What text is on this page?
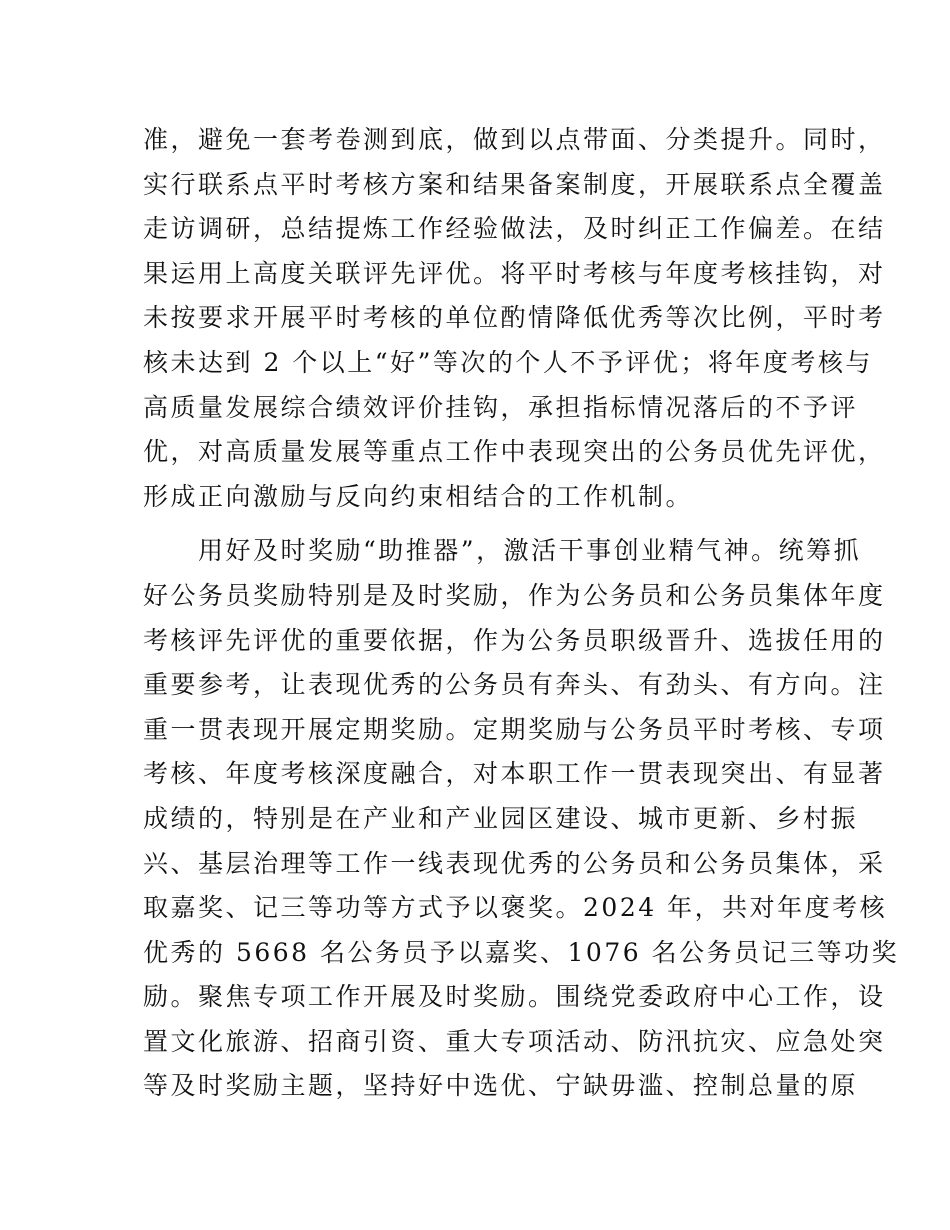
准，避免一套考卷测到底，做到以点带面、分类提升。同时，
实行联系点平时考核方案和结果备案制度，开展联系点全覆盖
走访调研，总结提炼工作经验做法，及时纠正工作偏差。在结
果运用上高度关联评先评优。将平时考核与年度考核挂钩，对
未按要求开展平时考核的单位酌情降低优秀等次比例，平时考
核未达到 2 个以上“好”等次的个人不予评优；将年度考核与
高质量发展综合绩效评价挂钩，承担指标情况落后的不予评
优，对高质量发展等重点工作中表现突出的公务员优先评优，
形成正向激励与反向约束相结合的工作机制。
　　用好及时奖励“助推器”，激活干事创业精气神。统筹抓
好公务员奖励特别是及时奖励，作为公务员和公务员集体年度
考核评先评优的重要依据，作为公务员职级晋升、选拔任用的
重要参考，让表现优秀的公务员有奔头、有劲头、有方向。注
重一贯表现开展定期奖励。定期奖励与公务员平时考核、专项
考核、年度考核深度融合，对本职工作一贯表现突出、有显著
成绩的，特别是在产业和产业园区建设、城市更新、乡村振
兴、基层治理等工作一线表现优秀的公务员和公务员集体，采
取嘉奖、记三等功等方式予以褒奖。2024 年，共对年度考核
优秀的 5668 名公务员予以嘉奖、1076 名公务员记三等功奖
励。聚焦专项工作开展及时奖励。围绕党委政府中心工作，设
置文化旅游、招商引资、重大专项活动、防汛抗灾、应急处突
等及时奖励主题，坚持好中选优、宁缺毋滥、控制总量的原
